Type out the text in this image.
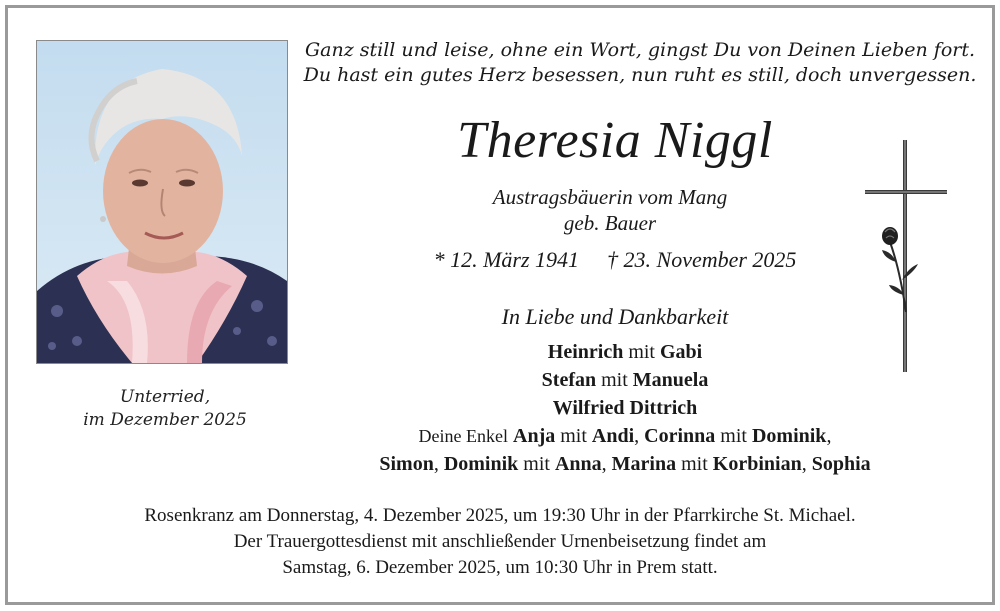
Unterried,
im Dezember 2025
Ganz still und leise, ohne ein Wort, gingst Du von Deinen Lieben fort.
Du hast ein gutes Herz besessen, nun ruht es still, doch unvergessen.
Theresia Niggl
Austragsbäuerin vom Mang
geb. Bauer
* 12. März 1941 † 23. November 2025
In Liebe und Dankbarkeit
Heinrich mit Gabi
Stefan mit Manuela
Wilfried Dittrich
Deine Enkel Anja mit Andi, Corinna mit Dominik,
Simon, Dominik mit Anna, Marina mit Korbinian, Sophia
Rosenkranz am Donnerstag, 4. Dezember 2025, um 19:30 Uhr in der Pfarrkirche St. Michael.
Der Trauergottesdienst mit anschließender Urnenbeisetzung findet am
Samstag, 6. Dezember 2025, um 10:30 Uhr in Prem statt.
